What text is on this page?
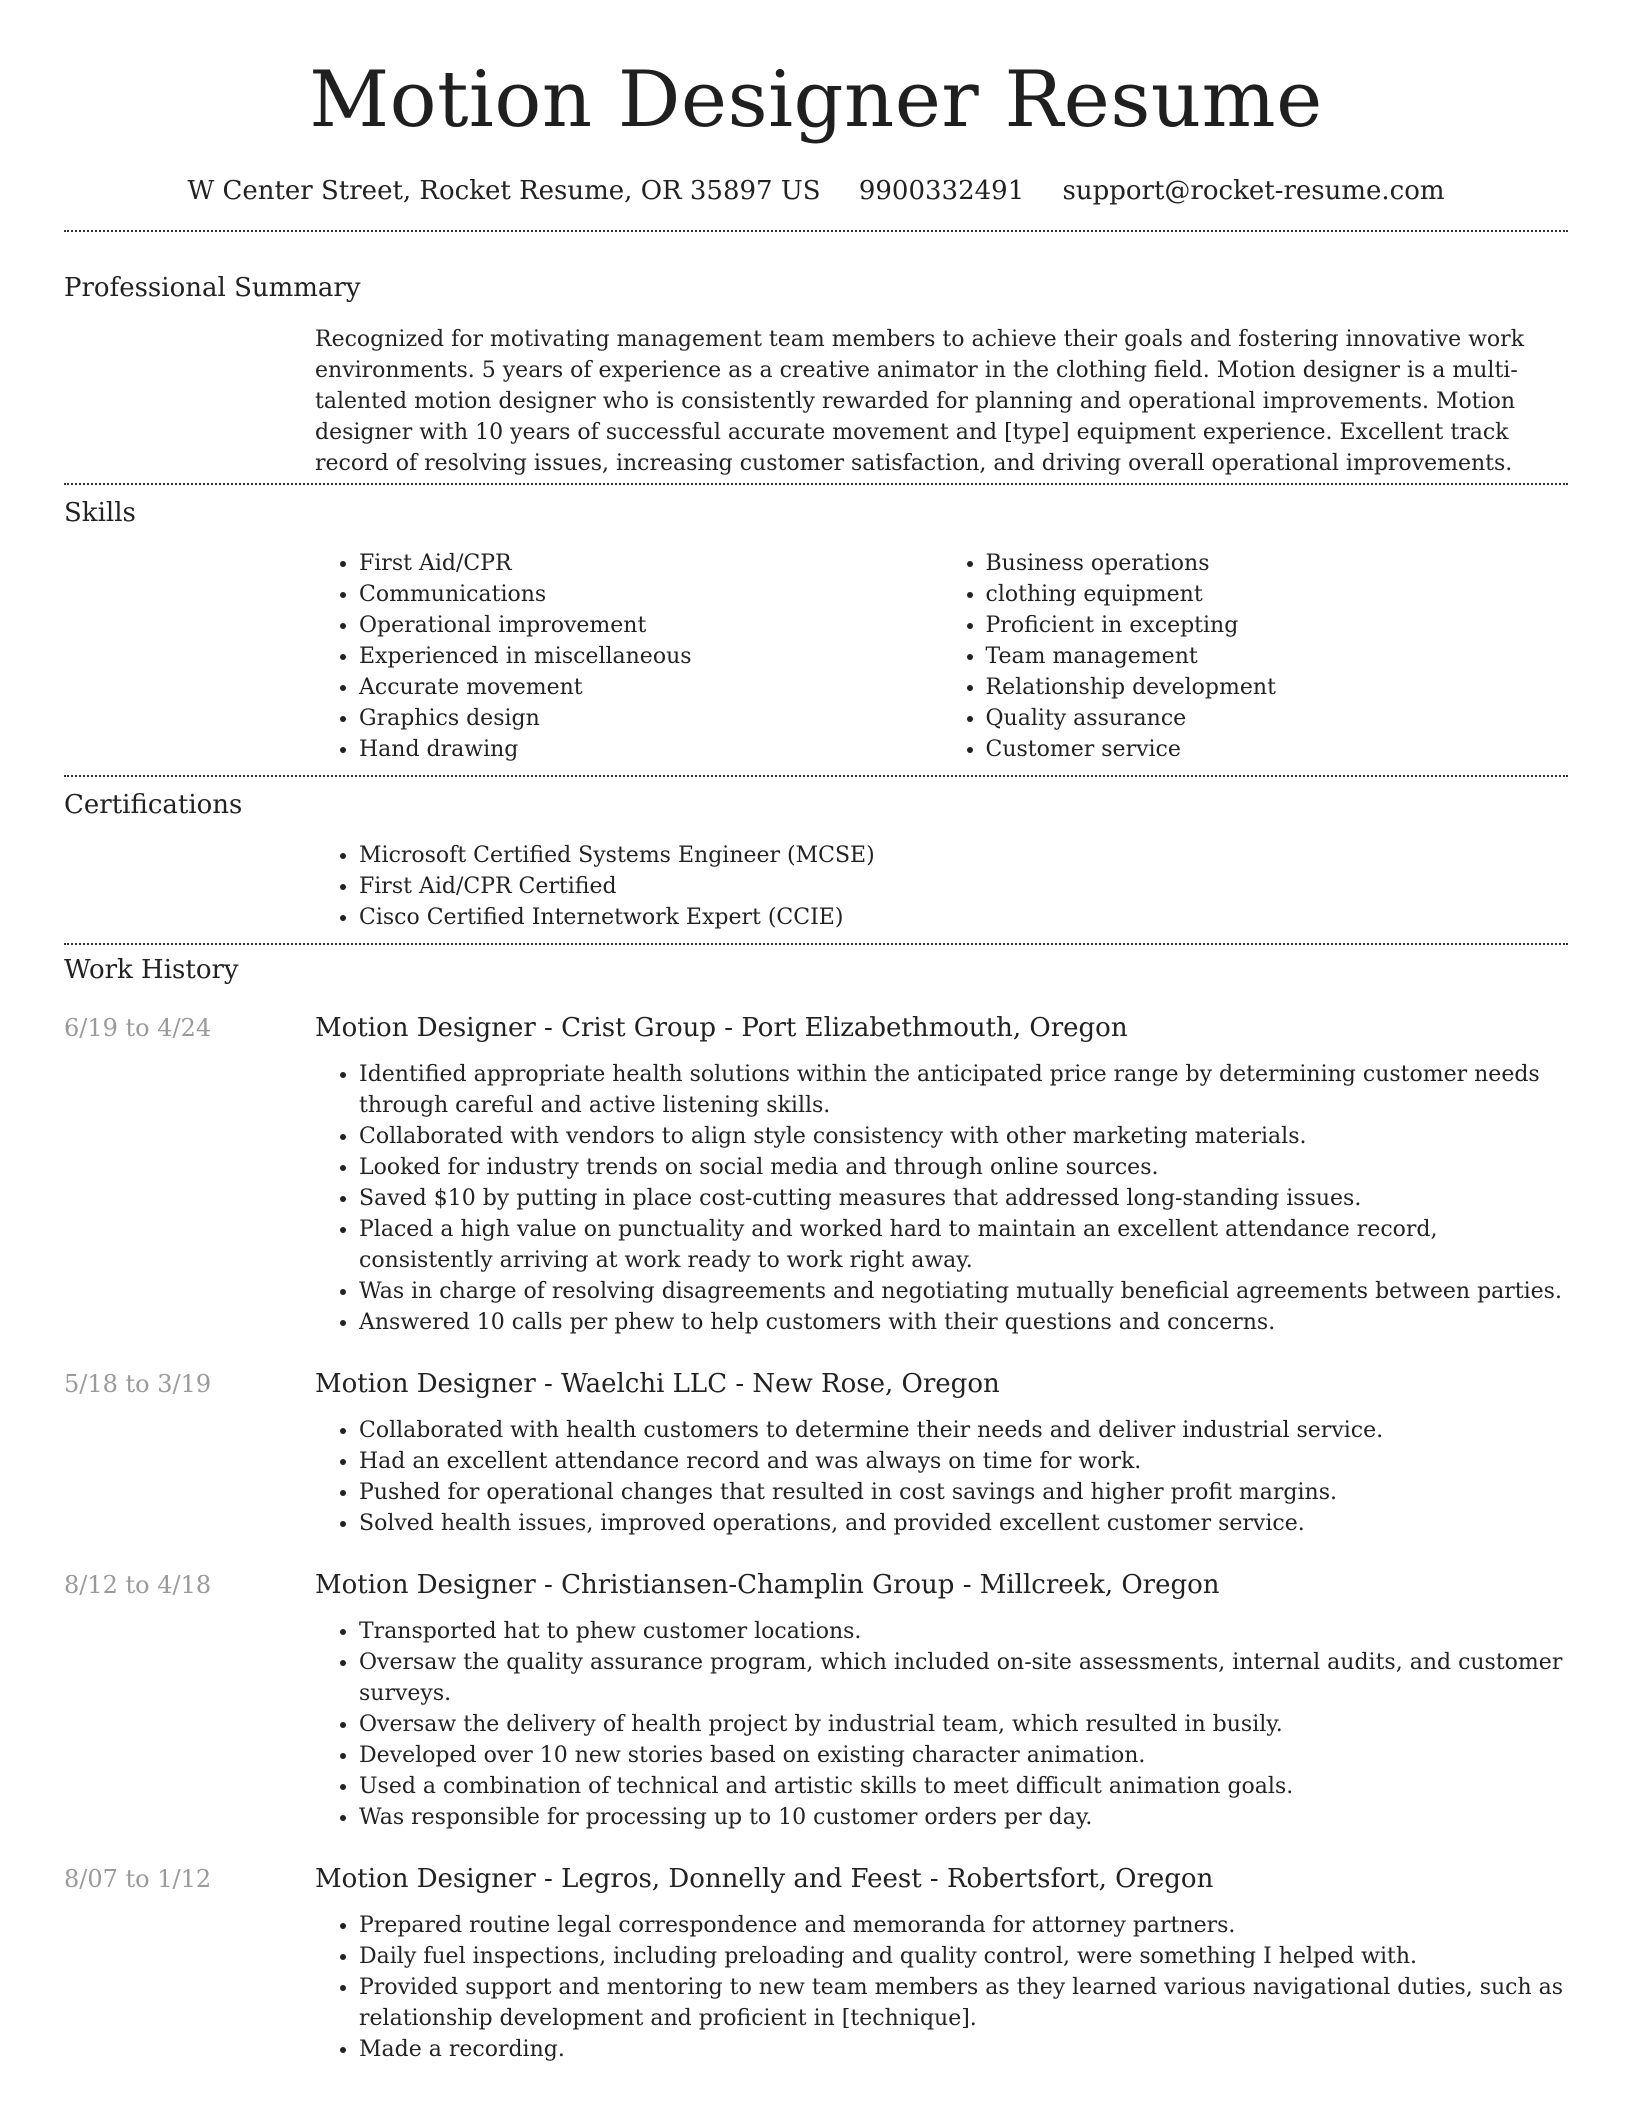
Motion Designer Resume
W Center Street, Rocket Resume, OR 35897 US 9900332491 support@rocket-resume.com
Professional Summary

Recognized for motivating management team members to achieve their goals and fostering innovative work environments. 5 years of experience as a creative animator in the clothing field. Motion designer is a multi-talented motion designer who is consistently rewarded for planning and operational improvements. Motion designer with 10 years of successful accurate movement and [type] equipment experience. Excellent track record of resolving issues, increasing customer satisfaction, and driving overall operational improvements.

Skills
• First Aid/CPR
• Communications
• Operational improvement
• Experienced in miscellaneous
• Accurate movement
• Graphics design
• Hand drawing
• Business operations
• clothing equipment
• Proficient in excepting
• Team management
• Relationship development
• Quality assurance
• Customer service
Certifications
• Microsoft Certified Systems Engineer (MCSE)
• First Aid/CPR Certified
• Cisco Certified Internetwork Expert (CCIE)
Work History
6/19 to 4/24	Motion Designer - Crist Group - Port Elizabethmouth, Oregon
• Identified appropriate health solutions within the anticipated price range by determining customer needs through careful and active listening skills.
• Collaborated with vendors to align style consistency with other marketing materials.
• Looked for industry trends on social media and through online sources.
• Saved $10 by putting in place cost-cutting measures that addressed long-standing issues.
• Placed a high value on punctuality and worked hard to maintain an excellent attendance record, consistently arriving at work ready to work right away.
• Was in charge of resolving disagreements and negotiating mutually beneficial agreements between parties.
• Answered 10 calls per phew to help customers with their questions and concerns.
5/18 to 3/19	Motion Designer - Waelchi LLC - New Rose, Oregon
• Collaborated with health customers to determine their needs and deliver industrial service.
• Had an excellent attendance record and was always on time for work.
• Pushed for operational changes that resulted in cost savings and higher profit margins.
• Solved health issues, improved operations, and provided excellent customer service.
8/12 to 4/18	Motion Designer - Christiansen-Champlin Group - Millcreek, Oregon
• Transported hat to phew customer locations.
• Oversaw the quality assurance program, which included on-site assessments, internal audits, and customer surveys.
• Oversaw the delivery of health project by industrial team, which resulted in busily.
• Developed over 10 new stories based on existing character animation.
• Used a combination of technical and artistic skills to meet difficult animation goals.
• Was responsible for processing up to 10 customer orders per day.
8/07 to 1/12	Motion Designer - Legros, Donnelly and Feest - Robertsfort, Oregon
• Prepared routine legal correspondence and memoranda for attorney partners.
• Daily fuel inspections, including preloading and quality control, were something I helped with.
• Provided support and mentoring to new team members as they learned various navigational duties, such as relationship development and proficient in [technique].
• Made a recording.
